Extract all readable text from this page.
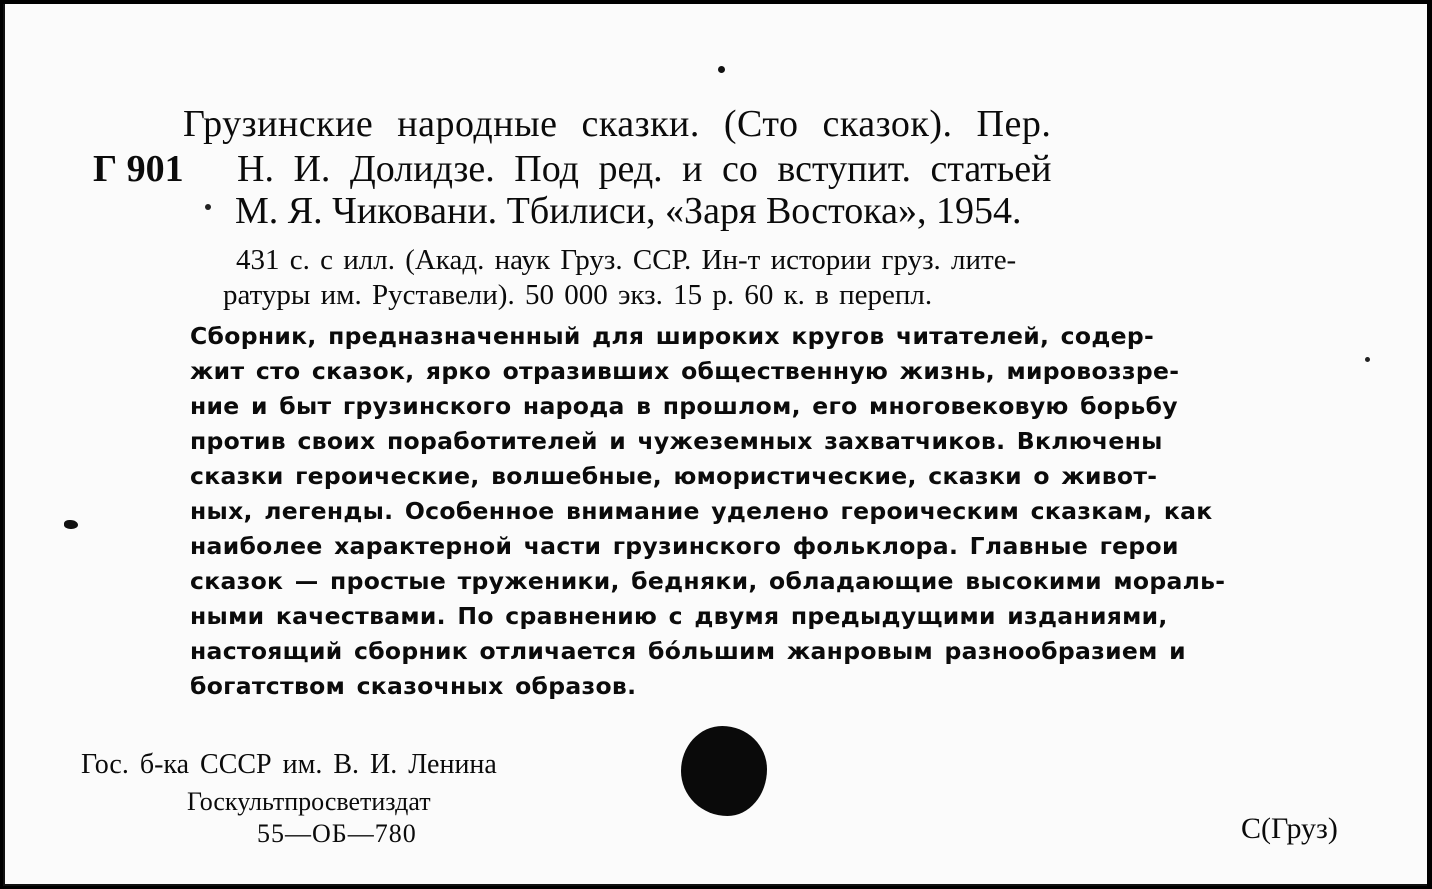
Грузинские народные сказки. (Сто сказок). Пер.
Г 901 Н. И. Долидзе. Под ред. и со вступит. статьей
М. Я. Чиковани. Тбилиси, «Заря Востока», 1954.
431 с. с илл. (Акад. наук Груз. ССР. Ин-т истории груз. лите-
ратуры им. Руставели). 50 000 экз. 15 р. 60 к. в перепл.
Сборник, предназначенный для широких кругов читателей, содер-
жит сто сказок, ярко отразивших общественную жизнь, мировоззре-
ние и быт грузинского народа в прошлом, его многовековую борьбу
против своих поработителей и чужеземных захватчиков. Включены
сказки героические, волшебные, юмористические, сказки о живот-
ных, легенды. Особенное внимание уделено героическим сказкам, как
наиболее характерной части грузинского фольклора. Главные герои
сказок — простые труженики, бедняки, обладающие высокими мораль-
ными качествами. По сравнению с двумя предыдущими изданиями,
настоящий сборник отличается бо́льшим жанровым разнообразием и
богатством сказочных образов.
Гос. б-ка СССР им. В. И. Ленина
Госкультпросветиздат
55—ОБ—780	С(Груз)
